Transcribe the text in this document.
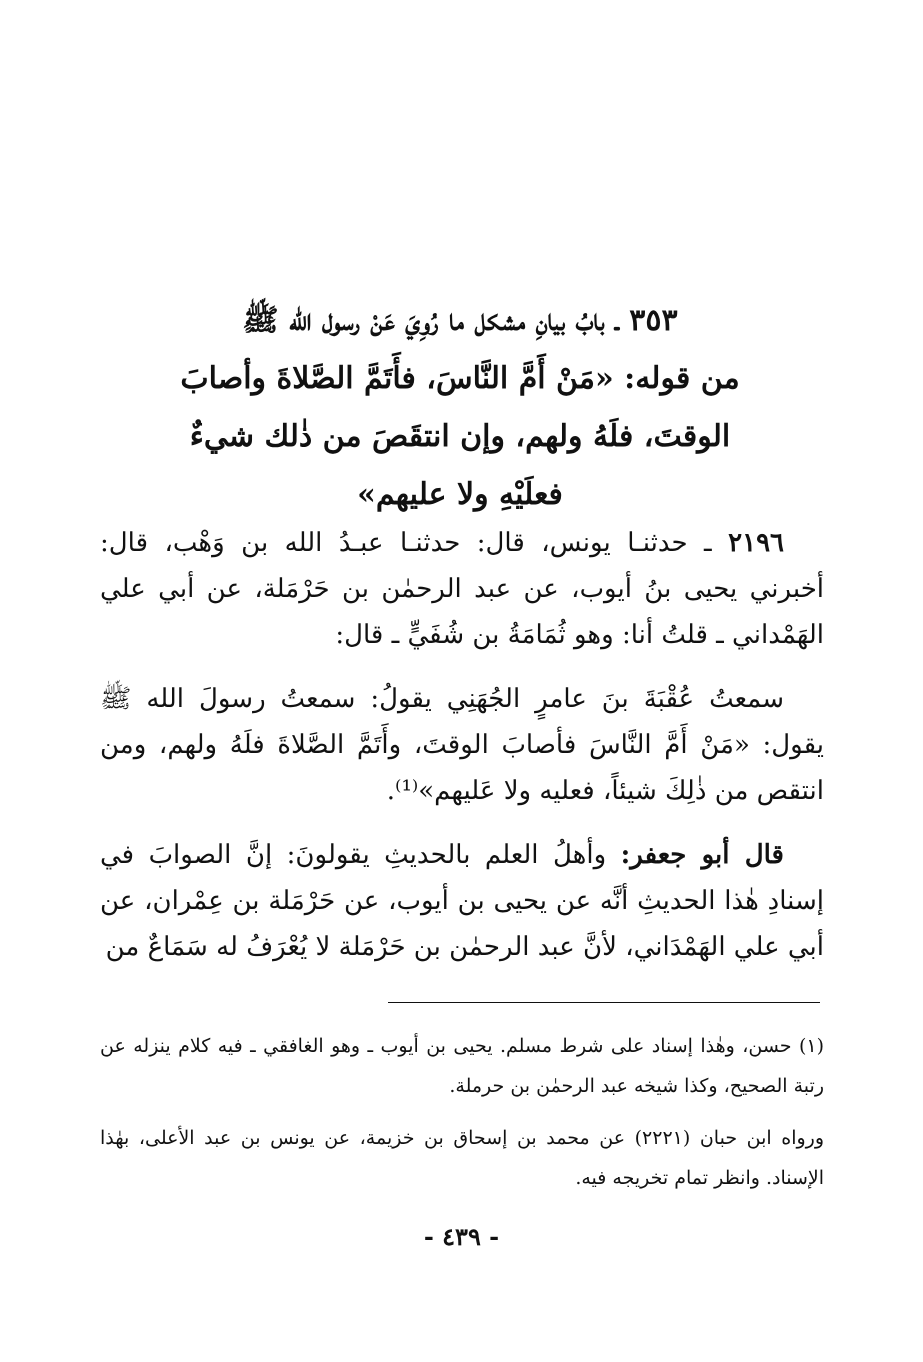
٣٥٣ ـ بابُ بيانِ مشكل ما رُوِيَ عَنْ رسول الله ﷺ
من قوله: «مَنْ أَمَّ النَّاسَ، فأَتَمَّ الصَّلاةَ وأصابَ
الوقتَ، فلَهُ ولهم، وإن انتقَصَ من ذٰلك شيءٌ
فعلَيْهِ ولا عليهم»

٢١٩٦ ـ حدثنـا يونس، قال: حدثنـا عبـدُ الله بن وَهْب، قال: أخبرني يحيى بنُ أيوب، عن عبد الرحمٰن بن حَرْمَلة، عن أبي علي الهَمْداني ـ قلتُ أنا: وهو ثُمَامَةُ بن شُفَيٍّ ـ قال:

سمعتُ عُقْبَةَ بنَ عامرٍ الجُهَنِي يقولُ: سمعتُ رسولَ الله ﷺ يقول: «مَنْ أَمَّ النَّاسَ فأصابَ الوقتَ، وأَتَمَّ الصَّلاةَ فلَهُ ولهم، ومن انتقص من ذٰلِكَ شيئاً، فعليه ولا عَليهم»⁽¹⁾.

قال أبو جعفر: وأهلُ العلم بالحديثِ يقولونَ: إنَّ الصوابَ في إسنادِ هٰذا الحديثِ أنَّه عن يحيى بن أيوب، عن حَرْمَلة بن عِمْران، عن أبي علي الهَمْدَاني، لأنَّ عبد الرحمٰن بن حَرْمَلة لا يُعْرَفُ له سَمَاعٌ من

(١) حسن، وهٰذا إسناد على شرط مسلم. يحيى بن أيوب ـ وهو الغافقي ـ فيه كلام ينزله عن رتبة الصحيح، وكذا شيخه عبد الرحمٰن بن حرملة.

ورواه ابن حبان (٢٢٢١) عن محمد بن إسحاق بن خزيمة، عن يونس بن عبد الأعلى، بهٰذا الإسناد. وانظر تمام تخريجه فيه.

- ٤٣٩ -
